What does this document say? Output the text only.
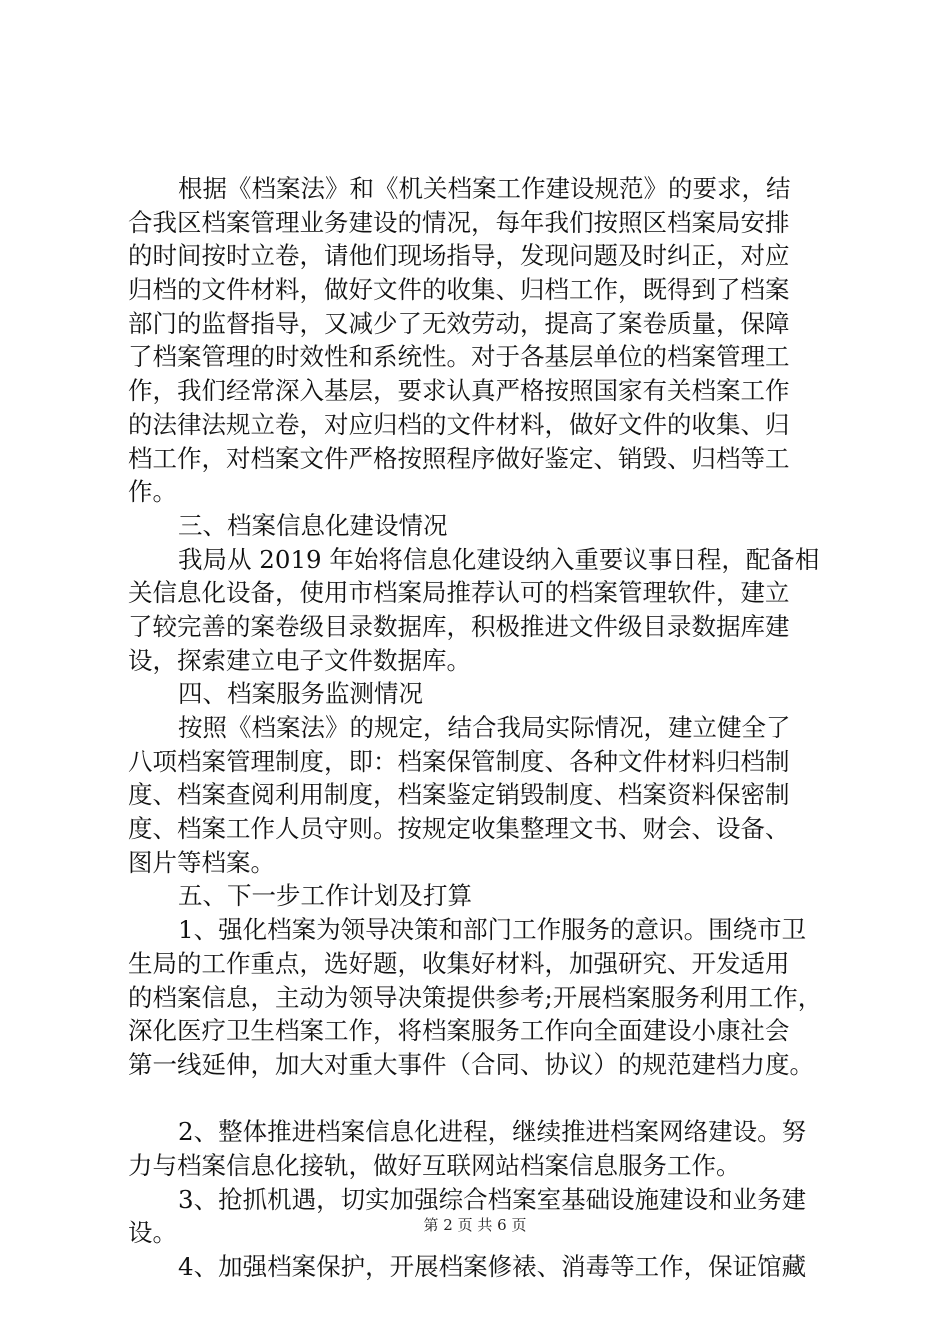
根据《档案法》和《机关档案工作建设规范》的要求，结
合我区档案管理业务建设的情况，每年我们按照区档案局安排
的时间按时立卷，请他们现场指导，发现问题及时纠正，对应
归档的文件材料，做好文件的收集、归档工作，既得到了档案
部门的监督指导，又减少了无效劳动，提高了案卷质量，保障
了档案管理的时效性和系统性。对于各基层单位的档案管理工
作，我们经常深入基层，要求认真严格按照国家有关档案工作
的法律法规立卷，对应归档的文件材料，做好文件的收集、归
档工作，对档案文件严格按照程序做好鉴定、销毁、归档等工
作。
三、档案信息化建设情况
我局从 2019 年始将信息化建设纳入重要议事日程，配备相
关信息化设备，使用市档案局推荐认可的档案管理软件，建立
了较完善的案卷级目录数据库，积极推进文件级目录数据库建
设，探索建立电子文件数据库。
四、档案服务监测情况
按照《档案法》的规定，结合我局实际情况，建立健全了
八项档案管理制度，即：档案保管制度、各种文件材料归档制
度、档案查阅利用制度，档案鉴定销毁制度、档案资料保密制
度、档案工作人员守则。按规定收集整理文书、财会、设备、
图片等档案。
五、下一步工作计划及打算
1、强化档案为领导决策和部门工作服务的意识。围绕市卫
生局的工作重点，选好题，收集好材料，加强研究、开发适用
的档案信息，主动为领导决策提供参考;开展档案服务利用工作，
深化医疗卫生档案工作，将档案服务工作向全面建设小康社会
第一线延伸，加大对重大事件（合同、协议）的规范建档力度。
2、整体推进档案信息化进程，继续推进档案网络建设。努
力与档案信息化接轨，做好互联网站档案信息服务工作。
3、抢抓机遇，切实加强综合档案室基础设施建设和业务建
设。
4、加强档案保护，开展档案修裱、消毒等工作，保证馆藏
第 2 页 共 6 页
